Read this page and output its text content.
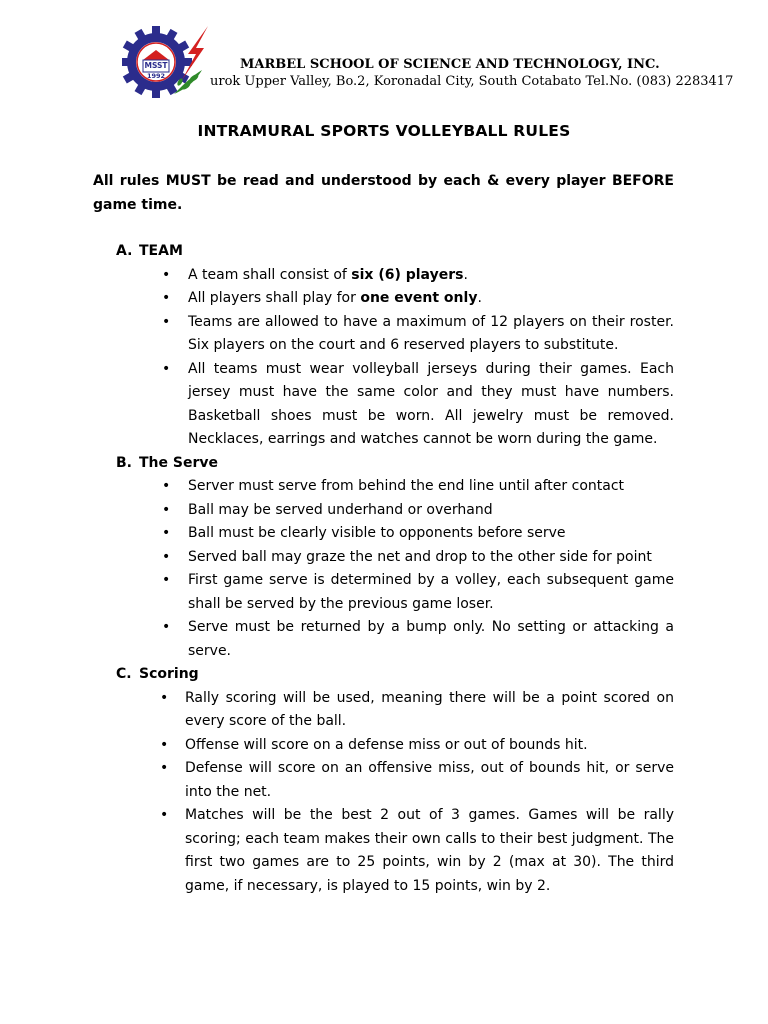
MSST
1992
MARBEL SCHOOL OF SCIENCE AND TECHNOLOGY, INC.
urok Upper Valley, Bo.2, Koronadal City, South Cotabato Tel.No. (083) 2283417
INTRAMURAL SPORTS VOLLEYBALL RULES
All rules MUST be read and understood by each & every player BEFORE game time.
A. TEAM
•	A team shall consist of six (6) players.
•	All players shall play for one event only.
•	Teams are allowed to have a maximum of 12 players on their roster. Six players on the court and 6 reserved players to substitute.
•	All teams must wear volleyball jerseys during their games. Each jersey must have the same color and they must have numbers. Basketball shoes must be worn. All jewelry must be removed. Necklaces, earrings and watches cannot be worn during the game.
B. The Serve
•	Server must serve from behind the end line until after contact
•	Ball may be served underhand or overhand
•	Ball must be clearly visible to opponents before serve
•	Served ball may graze the net and drop to the other side for point
•	First game serve is determined by a volley, each subsequent game shall be served by the previous game loser.
•	Serve must be returned by a bump only. No setting or attacking a serve.
C. Scoring
•	Rally scoring will be used, meaning there will be a point scored on every score of the ball.
•	Offense will score on a defense miss or out of bounds hit.
•	Defense will score on an offensive miss, out of bounds hit, or serve into the net.
•	Matches will be the best 2 out of 3 games. Games will be rally scoring; each team makes their own calls to their best judgment. The first two games are to 25 points, win by 2 (max at 30). The third game, if necessary, is played to 15 points, win by 2.
